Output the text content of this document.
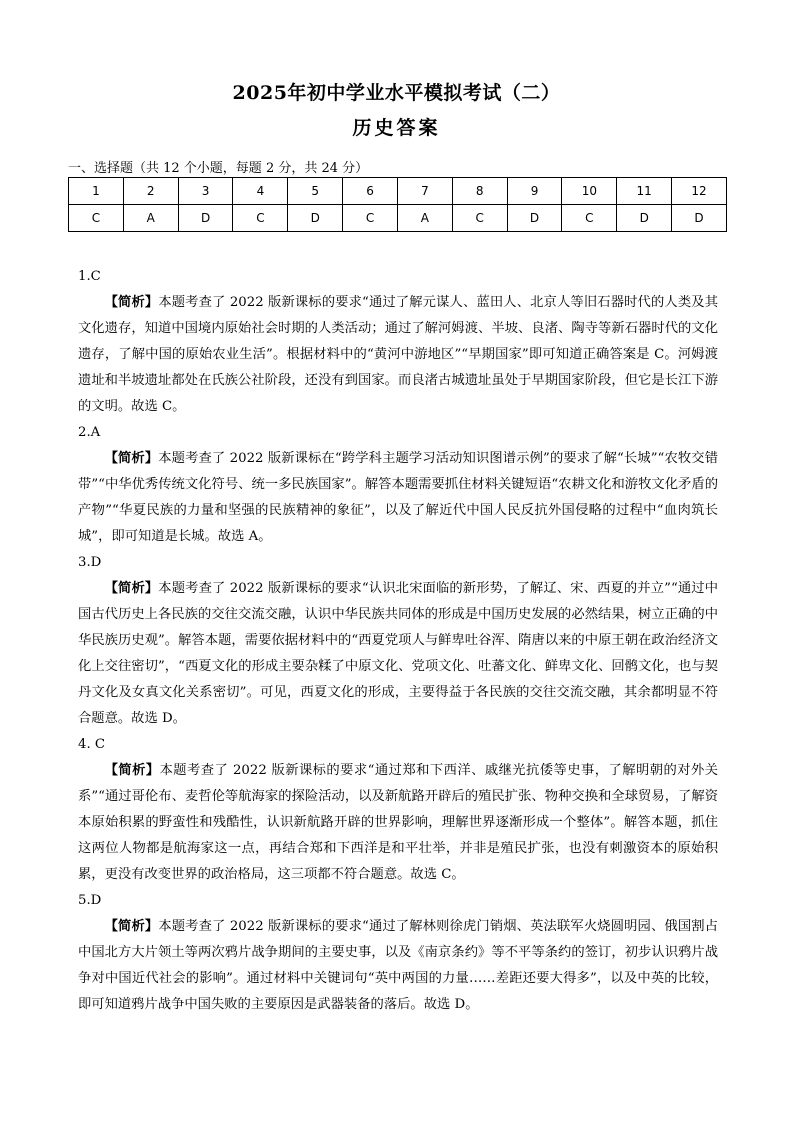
2025年初中学业水平模拟考试（二）
历史答案
一、选择题（共 12 个小题，每题 2 分，共 24 分）
1	2	3	4	5	6	7	8	9	10	11	12
C	A	D	C	D	C	A	C	D	C	D	D

1.C

【简析】本题考查了 2022 版新课标的要求“通过了解元谋人、蓝田人、北京人等旧石器时代的人类及其文化遗存，知道中国境内原始社会时期的人类活动；通过了解河姆渡、半坡、良渚、陶寺等新石器时代的文化遗存，了解中国的原始农业生活”。根据材料中的“黄河中游地区”“早期国家”即可知道正确答案是 C。河姆渡遗址和半坡遗址都处在氏族公社阶段，还没有到国家。而良渚古城遗址虽处于早期国家阶段，但它是长江下游的文明。故选 C。

2.A

【简析】本题考查了 2022 版新课标在“跨学科主题学习活动知识图谱示例”的要求了解“长城”“农牧交错带”“中华优秀传统文化符号、统一多民族国家”。解答本题需要抓住材料关键短语“农耕文化和游牧文化矛盾的产物”“华夏民族的力量和坚强的民族精神的象征”，以及了解近代中国人民反抗外国侵略的过程中“血肉筑长城”，即可知道是长城。故选 A。

3.D

【简析】本题考查了 2022 版新课标的要求“认识北宋面临的新形势，了解辽、宋、西夏的并立”“通过中国古代历史上各民族的交往交流交融，认识中华民族共同体的形成是中国历史发展的必然结果，树立正确的中华民族历史观”。解答本题，需要依据材料中的“西夏党项人与鲜卑吐谷浑、隋唐以来的中原王朝在政治经济文化上交往密切”，“西夏文化的形成主要杂糅了中原文化、党项文化、吐蕃文化、鲜卑文化、回鹘文化，也与契丹文化及女真文化关系密切”。可见，西夏文化的形成，主要得益于各民族的交往交流交融，其余都明显不符合题意。故选 D。

4. C

【简析】本题考查了 2022 版新课标的要求“通过郑和下西洋、戚继光抗倭等史事，了解明朝的对外关系”“通过哥伦布、麦哲伦等航海家的探险活动，以及新航路开辟后的殖民扩张、物种交换和全球贸易，了解资本原始积累的野蛮性和残酷性，认识新航路开辟的世界影响，理解世界逐渐形成一个整体”。解答本题，抓住这两位人物都是航海家这一点，再结合郑和下西洋是和平壮举，并非是殖民扩张，也没有刺激资本的原始积累，更没有改变世界的政治格局，这三项都不符合题意。故选 C。

5.D

【简析】本题考查了 2022 版新课标的要求“通过了解林则徐虎门销烟、英法联军火烧圆明园、俄国割占中国北方大片领土等两次鸦片战争期间的主要史事，以及《南京条约》等不平等条约的签订，初步认识鸦片战争对中国近代社会的影响”。通过材料中关键词句“英中两国的力量……差距还要大得多”，以及中英的比较，即可知道鸦片战争中国失败的主要原因是武器装备的落后。故选 D。
